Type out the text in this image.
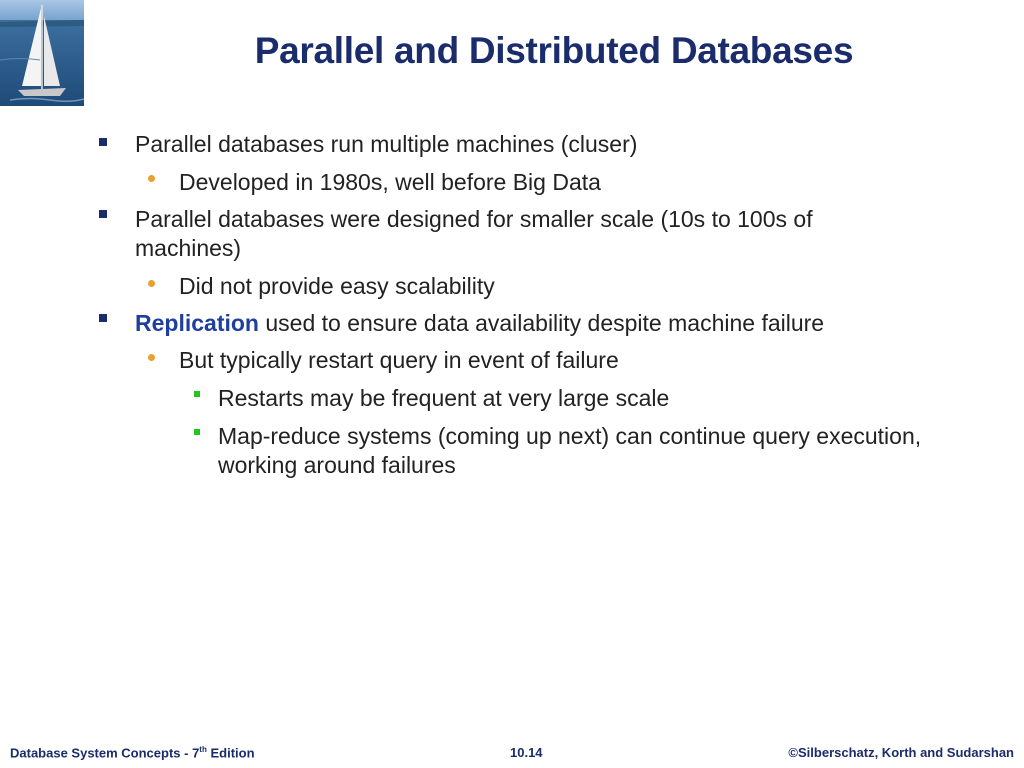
Parallel and Distributed Databases
Parallel databases run multiple machines (cluser)
Developed in 1980s, well before Big Data
Parallel databases were designed for smaller scale (10s to 100s of
machines)
Did not provide easy scalability
Replication used to ensure data availability despite machine failure
But typically restart query in event of failure
Restarts may be frequent at very large scale
Map-reduce systems (coming up next) can continue query execution,
working around failures
Database System Concepts - 7th Edition	10.14	©Silberschatz, Korth and Sudarshan
